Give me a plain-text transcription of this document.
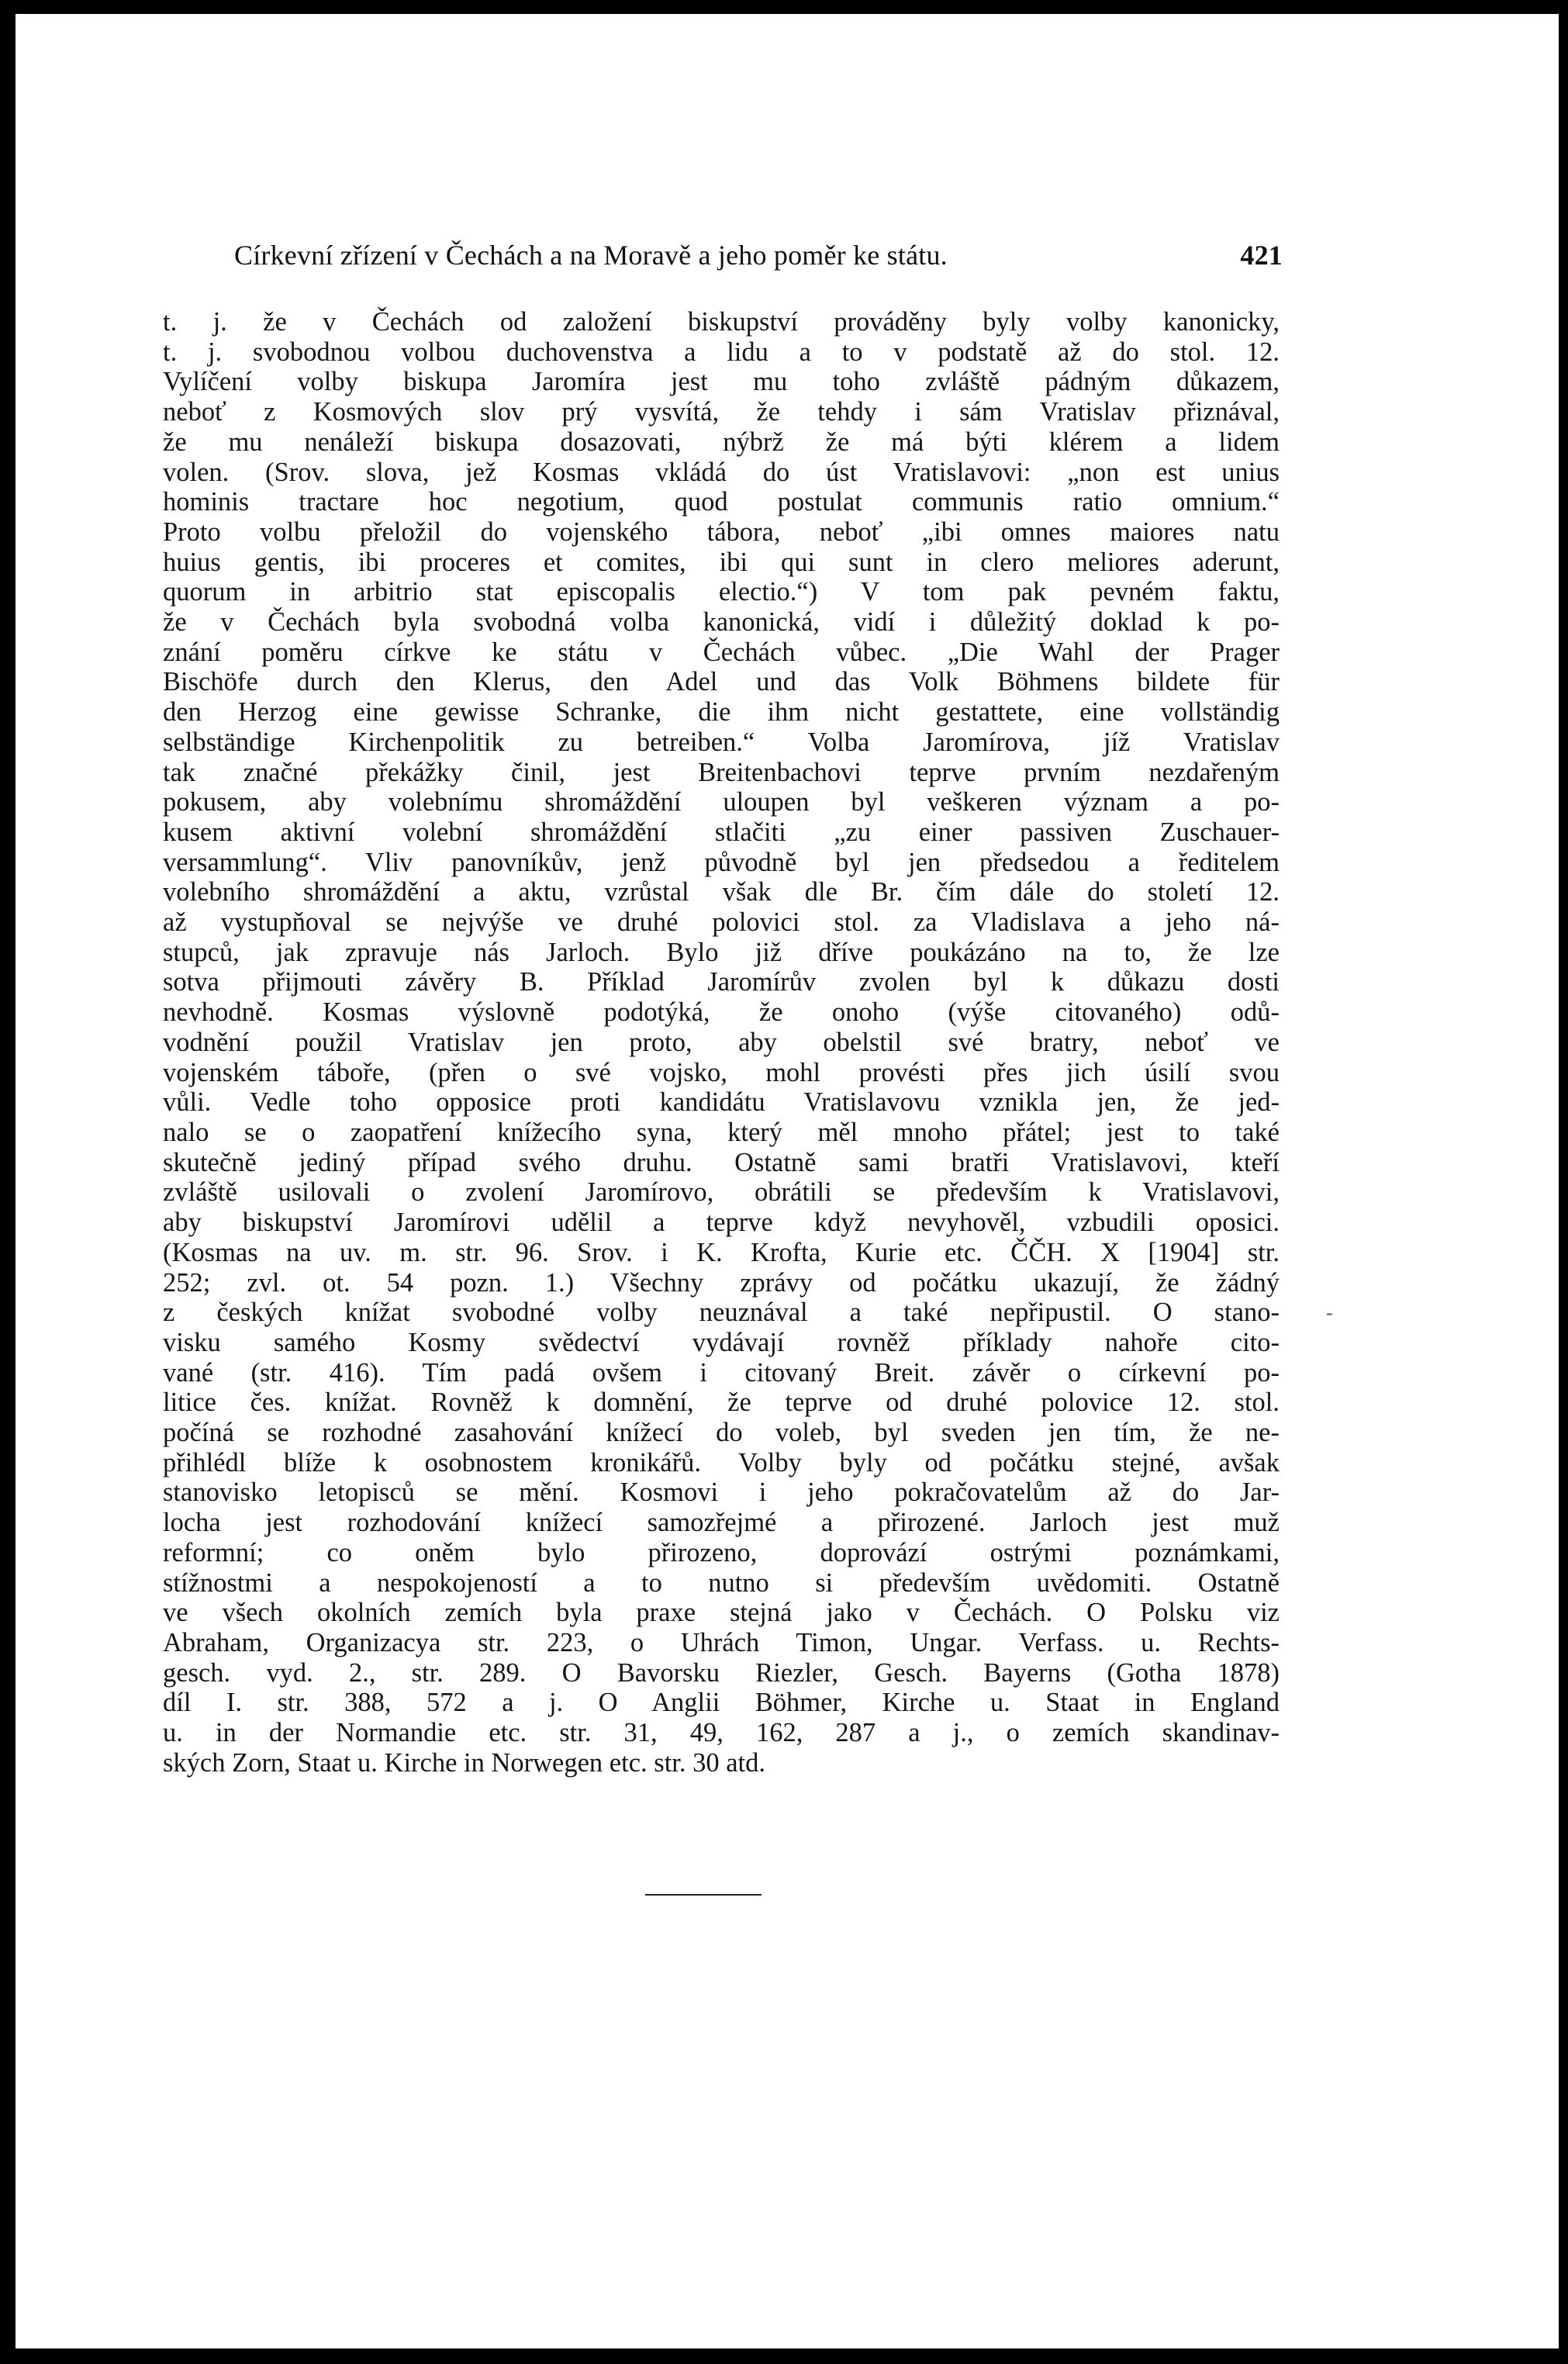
Církevní zřízení v Čechách a na Moravě a jeho poměr ke státu.	421
t. j. že v Čechách od založení biskupství prováděny byly volby kanonicky,
t. j. svobodnou volbou duchovenstva a lidu a to v podstatě až do stol. 12.
Vylíčení volby biskupa Jaromíra jest mu toho zvláště pádným důkazem,
neboť z Kosmových slov prý vysvítá, že tehdy i sám Vratislav přiznával,
že mu nenáleží biskupa dosazovati, nýbrž že má býti klérem a lidem
volen. (Srov. slova, jež Kosmas vkládá do úst Vratislavovi: „non est unius
hominis tractare hoc negotium, quod postulat communis ratio omnium.“
Proto volbu přeložil do vojenského tábora, neboť „ibi omnes maiores natu
huius gentis, ibi proceres et comites, ibi qui sunt in clero meliores aderunt,
quorum in arbitrio stat episcopalis electio.“) V tom pak pevném faktu,
že v Čechách byla svobodná volba kanonická, vidí i důležitý doklad k po-
znání poměru církve ke státu v Čechách vůbec. „Die Wahl der Prager
Bischöfe durch den Klerus, den Adel und das Volk Böhmens bildete für
den Herzog eine gewisse Schranke, die ihm nicht gestattete, eine vollständig
selbständige Kirchenpolitik zu betreiben.“ Volba Jaromírova, jíž Vratislav
tak značné překážky činil, jest Breitenbachovi teprve prvním nezdařeným
pokusem, aby volebnímu shromáždění uloupen byl veškeren význam a po-
kusem aktivní volební shromáždění stlačiti „zu einer passiven Zuschauer-
versammlung“. Vliv panovníkův, jenž původně byl jen předsedou a ředitelem
volebního shromáždění a aktu, vzrůstal však dle Br. čím dále do století 12.
až vystupňoval se nejvýše ve druhé polovici stol. za Vladislava a jeho ná-
stupců, jak zpravuje nás Jarloch. Bylo již dříve poukázáno na to, že lze
sotva přijmouti závěry B. Příklad Jaromírův zvolen byl k důkazu dosti
nevhodně. Kosmas výslovně podotýká, že onoho (výše citovaného) odů-
vodnění použil Vratislav jen proto, aby obelstil své bratry, neboť ve
vojenském táboře, (přen o své vojsko, mohl provésti přes jich úsilí svou
vůli. Vedle toho opposice proti kandidátu Vratislavovu vznikla jen, že jed-
nalo se o zaopatření knížecího syna, který měl mnoho přátel; jest to také
skutečně jediný případ svého druhu. Ostatně sami bratři Vratislavovi, kteří
zvláště usilovali o zvolení Jaromírovo, obrátili se především k Vratislavovi,
aby biskupství Jaromírovi udělil a teprve když nevyhověl, vzbudili oposici.
(Kosmas na uv. m. str. 96. Srov. i K. Krofta, Kurie etc. ČČH. X [1904] str.
252; zvl. ot. 54 pozn. 1.) Všechny zprávy od počátku ukazují, že žádný
z českých knížat svobodné volby neuznával a také nepřipustil. O stano-
visku samého Kosmy svědectví vydávají rovněž příklady nahoře cito-
vané (str. 416). Tím padá ovšem i citovaný Breit. závěr o církevní po-
litice čes. knížat. Rovněž k domnění, že teprve od druhé polovice 12. stol.
počíná se rozhodné zasahování knížecí do voleb, byl sveden jen tím, že ne-
přihlédl blíže k osobnostem kronikářů. Volby byly od počátku stejné, avšak
stanovisko letopisců se mění. Kosmovi i jeho pokračovatelům až do Jar-
locha jest rozhodování knížecí samozřejmé a přirozené. Jarloch jest muž
reformní; co oněm bylo přirozeno, doprovází ostrými poznámkami,
stížnostmi a nespokojeností a to nutno si především uvědomiti. Ostatně
ve všech okolních zemích byla praxe stejná jako v Čechách. O Polsku viz
Abraham, Organizacya str. 223, o Uhrách Timon, Ungar. Verfass. u. Rechts-
gesch. vyd. 2., str. 289. O Bavorsku Riezler, Gesch. Bayerns (Gotha 1878)
díl I. str. 388, 572 a j. O Anglii Böhmer, Kirche u. Staat in England
u. in der Normandie etc. str. 31, 49, 162, 287 a j., o zemích skandinav-
ských Zorn, Staat u. Kirche in Norwegen etc. str. 30 atd.
-
